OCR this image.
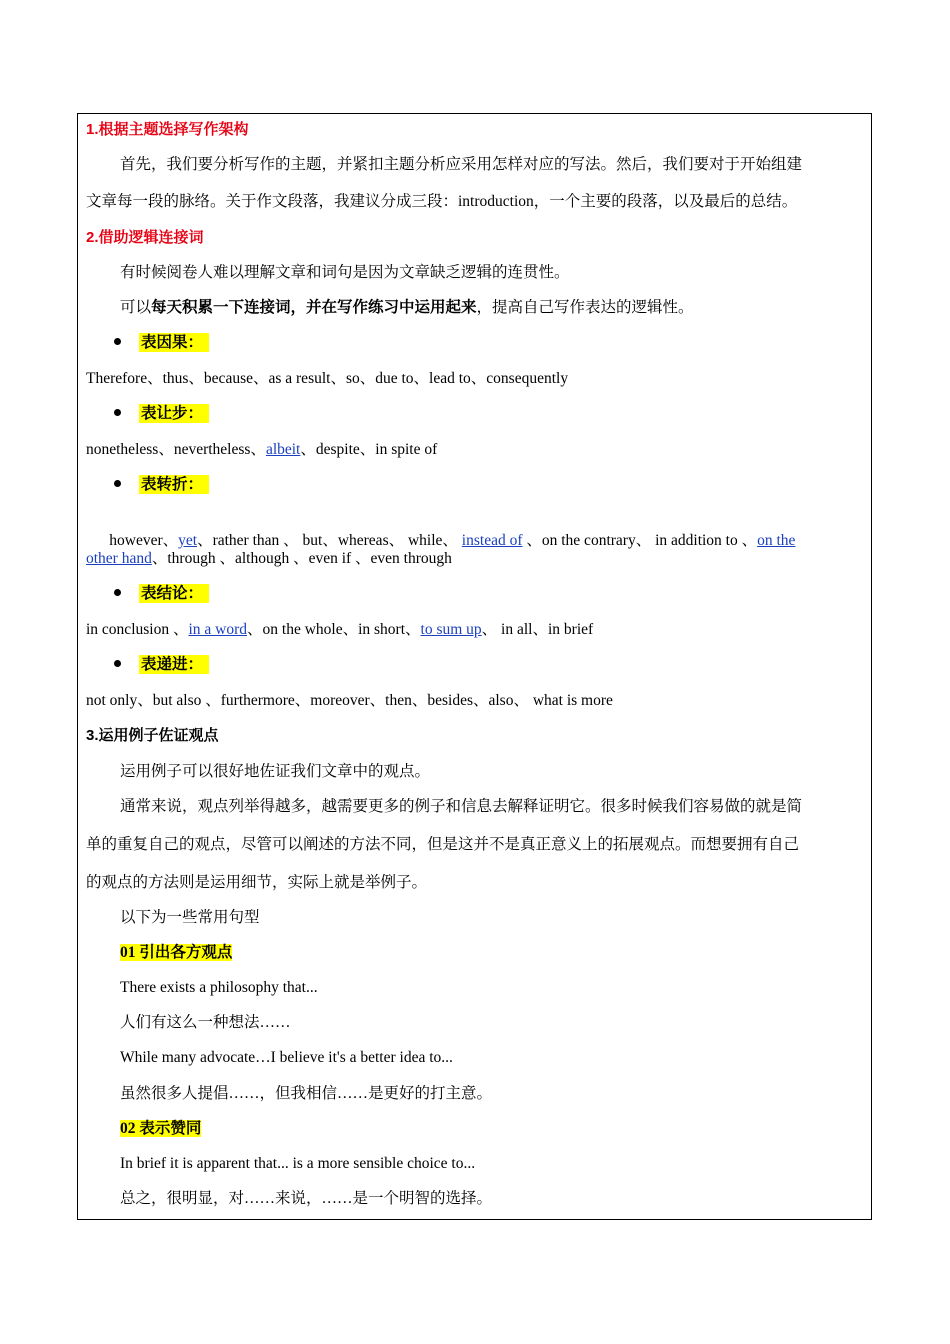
1.根据主题选择写作架构
首先，我们要分析写作的主题，并紧扣主题分析应采用怎样对应的写法。然后，我们要对于开始组建
文章每一段的脉络。关于作文段落，我建议分成三段：introduction，一个主要的段落，以及最后的总结。
2.借助逻辑连接词
有时候阅卷人难以理解文章和词句是因为文章缺乏逻辑的连贯性。
可以每天积累一下连接词，并在写作练习中运用起来，提高自己写作表达的逻辑性。
表因果：
Therefore、thus、because、as a result、so、due to、lead to、consequently
表让步：
nonetheless、nevertheless、albeit、despite、in spite of
表转折：

however、yet、rather than 、 but、whereas、 while、 instead of 、on the contrary、 in addition to 、on the

other hand、through 、although 、even if 、even through
表结论：
in conclusion 、in a word、on the whole、in short、to sum up、 in all、in brief
表递进：
not only、but also 、furthermore、moreover、then、besides、also、 what is more
3.运用例子佐证观点
运用例子可以很好地佐证我们文章中的观点。
通常来说，观点列举得越多，越需要更多的例子和信息去解释证明它。很多时候我们容易做的就是简
单的重复自己的观点，尽管可以阐述的方法不同，但是这并不是真正意义上的拓展观点。而想要拥有自己
的观点的方法则是运用细节，实际上就是举例子。
以下为一些常用句型
01 引出各方观点
There exists a philosophy that...
人们有这么一种想法……
While many advocate…I believe it's a better idea to...
虽然很多人提倡……，但我相信……是更好的打主意。
02 表示赞同
In brief it is apparent that... is a more sensible choice to...
总之，很明显，对……来说，……是一个明智的选择。
